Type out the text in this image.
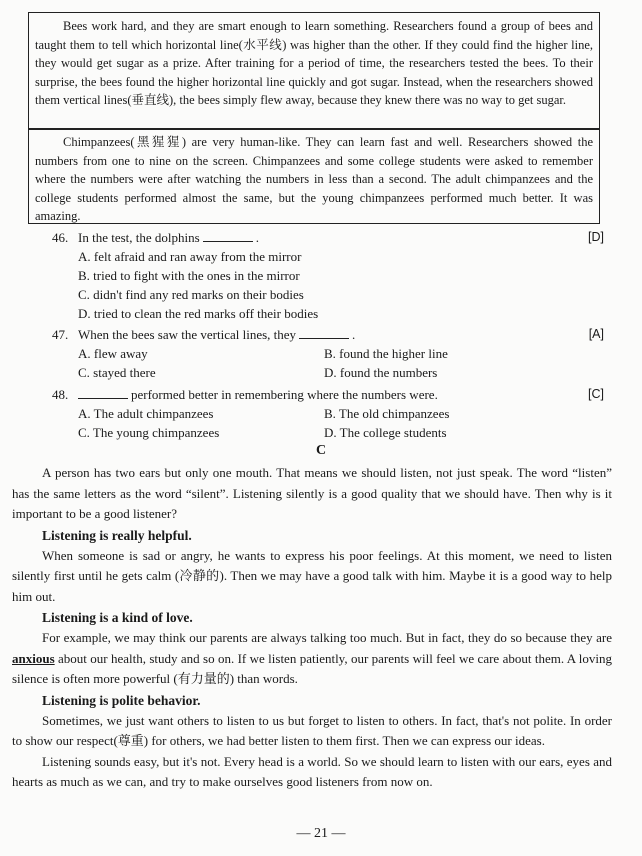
Bees work hard, and they are smart enough to learn something. Researchers found a group of bees and taught them to tell which horizontal line(水平线) was higher than the other. If they could find the higher line, they would get sugar as a prize. After training for a period of time, the researchers tested the bees. To their surprise, the bees found the higher horizontal line quickly and got sugar. Instead, when the researchers showed them vertical lines(垂直线), the bees simply flew away, because they knew there was no way to get sugar.

Chimpanzees(黑猩猩) are very human-like. They can learn fast and well. Researchers showed the numbers from one to nine on the screen. Chimpanzees and some college students were asked to remember where the numbers were after watching the numbers in less than a second. The adult chimpanzees and the college students performed almost the same, but the young chimpanzees performed much better. It was amazing.

46. In the test, the dolphins	.	[D]
A. felt afraid and ran away from the mirror
B. tried to fight with the ones in the mirror
C. didn't find any red marks on their bodies
D. tried to clean the red marks off their bodies
47. When the bees saw the vertical lines, they	.	[A]
A. flew away	B. found the higher line
C. stayed there	D. found the numbers
48.	performed better in remembering where the numbers were.	[C]
A. The adult chimpanzees	B. The old chimpanzees
C. The young chimpanzees	D. The college students
C

A person has two ears but only one mouth. That means we should listen, not just speak. The word “listen” has the same letters as the word “silent”. Listening silently is a good quality that we should have. Then why is it important to be a good listener?

Listening is really helpful.

When someone is sad or angry, he wants to express his poor feelings. At this moment, we need to listen silently first until he gets calm (冷静的). Then we may have a good talk with him. Maybe it is a good way to help him out.

Listening is a kind of love.

For example, we may think our parents are always talking too much. But in fact, they do so because they are anxious about our health, study and so on. If we listen patiently, our parents will feel we care about them. A loving silence is often more powerful (有力量的) than words.

Listening is polite behavior.

Sometimes, we just want others to listen to us but forget to listen to others. In fact, that's not polite. In order to show our respect(尊重) for others, we had better listen to them first. Then we can express our ideas.

Listening sounds easy, but it's not. Every head is a world. So we should learn to listen with our ears, eyes and hearts as much as we can, and try to make ourselves good listeners from now on.

— 21 —
